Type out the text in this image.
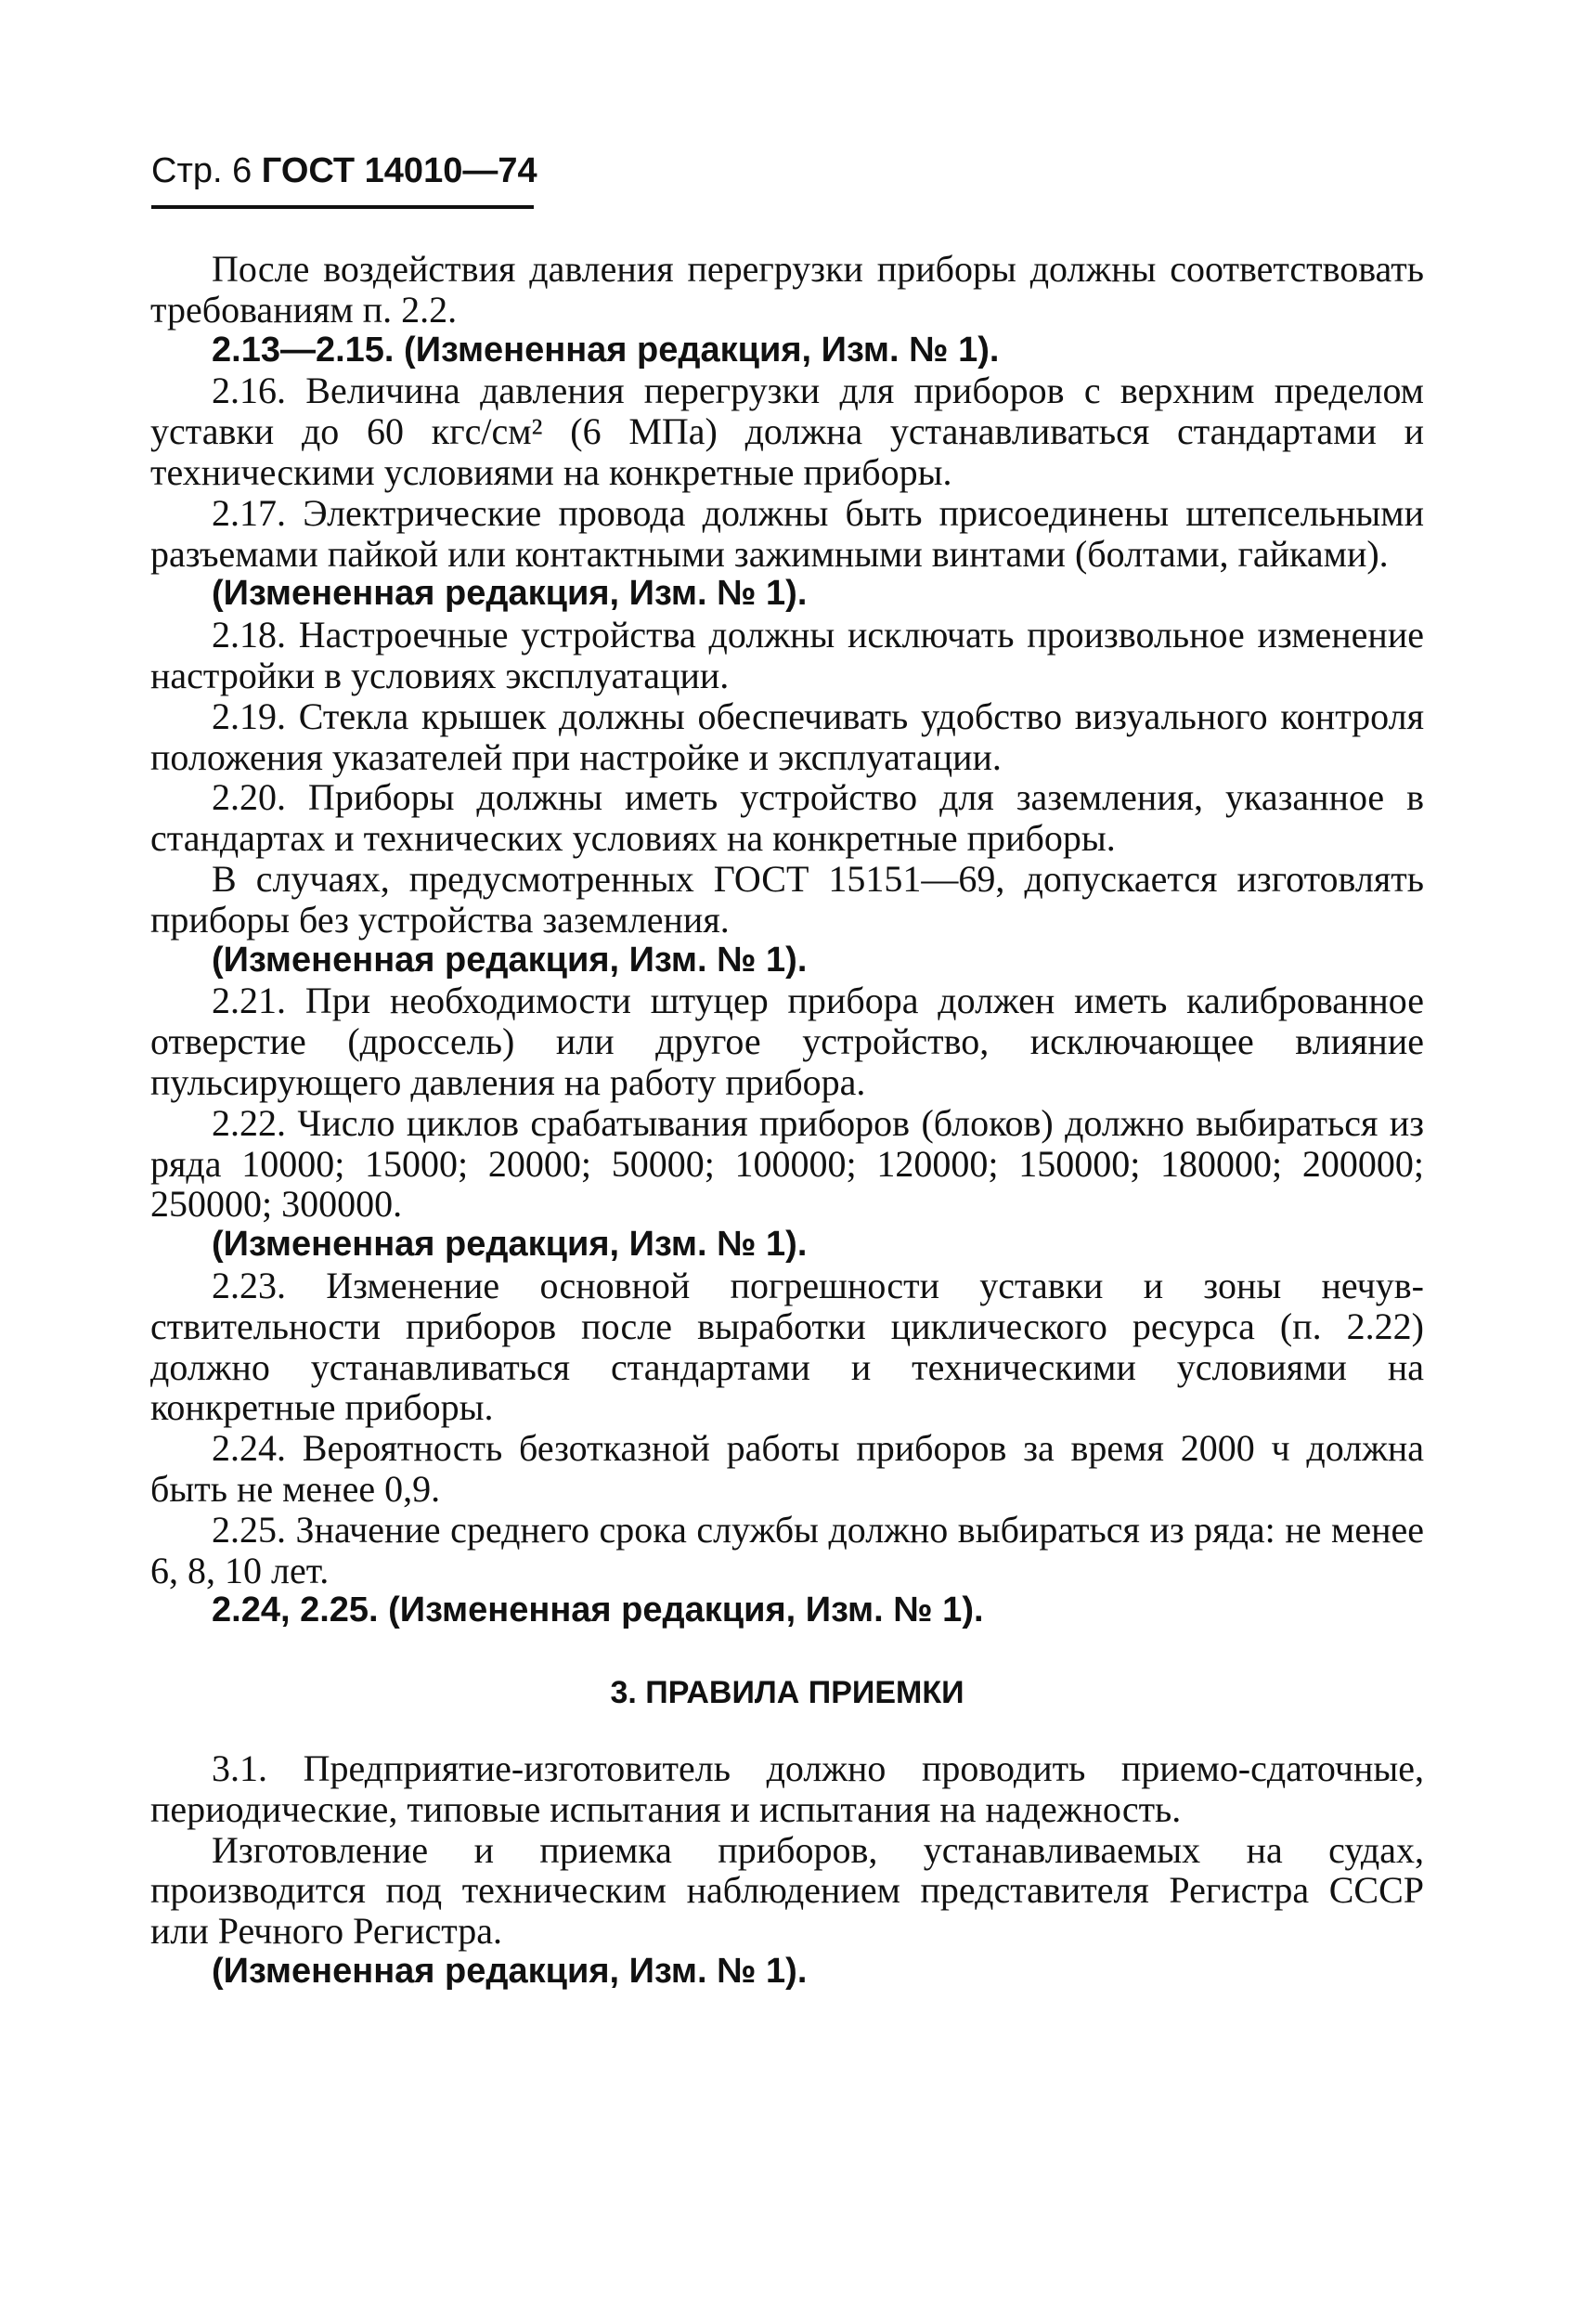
Стр. 6 ГОСТ 14010—74

После воздействия давления перегрузки приборы должны соответствовать требованиям п. 2.2.

2.13—2.15. (Измененная редакция, Изм. № 1).

2.16. Величина давления перегрузки для приборов с верхним пределом уставки до 60 кгс/см² (6 МПа) должна устанавливаться стандартами и техническими условиями на конкретные приборы.

2.17. Электрические провода должны быть присоединены штепсельными разъемами пайкой или контактными зажимными винтами (болтами, гайками).

(Измененная редакция, Изм. № 1).

2.18. Настроечные устройства должны исключать произвольное изменение настройки в условиях эксплуатации.

2.19. Стекла крышек должны обеспечивать удобство визуального контроля положения указателей при настройке и эксплуатации.

2.20. Приборы должны иметь устройство для заземления, указанное в стандартах и технических условиях на конкретные приборы.

В случаях, предусмотренных ГОСТ 15151—69, допускается изготовлять приборы без устройства заземления.

(Измененная редакция, Изм. № 1).

2.21. При необходимости штуцер прибора должен иметь калиброванное отверстие (дроссель) или другое устройство, исключающее влияние пульсирующего давления на работу прибора.

2.22. Число циклов срабатывания приборов (блоков) должно выбираться из ряда 10000; 15000; 20000; 50000; 100000; 120000; 150000; 180000; 200000; 250000; 300000.

(Измененная редакция, Изм. № 1).

2.23. Изменение основной погрешности уставки и зоны нечувствительности приборов после выработки циклического ресурса (п. 2.22) должно устанавливаться стандартами и техническими условиями на конкретные приборы.

2.24. Вероятность безотказной работы приборов за время 2000 ч должна быть не менее 0,9.

2.25. Значение среднего срока службы должно выбираться из ряда: не менее 6, 8, 10 лет.

2.24, 2.25. (Измененная редакция, Изм. № 1).

3. ПРАВИЛА ПРИЕМКИ

3.1. Предприятие-изготовитель должно проводить приемо-сдаточные, периодические, типовые испытания и испытания на надежность.

Изготовление и приемка приборов, устанавливаемых на судах, производится под техническим наблюдением представителя Регистра СССР или Речного Регистра.

(Измененная редакция, Изм. № 1).
